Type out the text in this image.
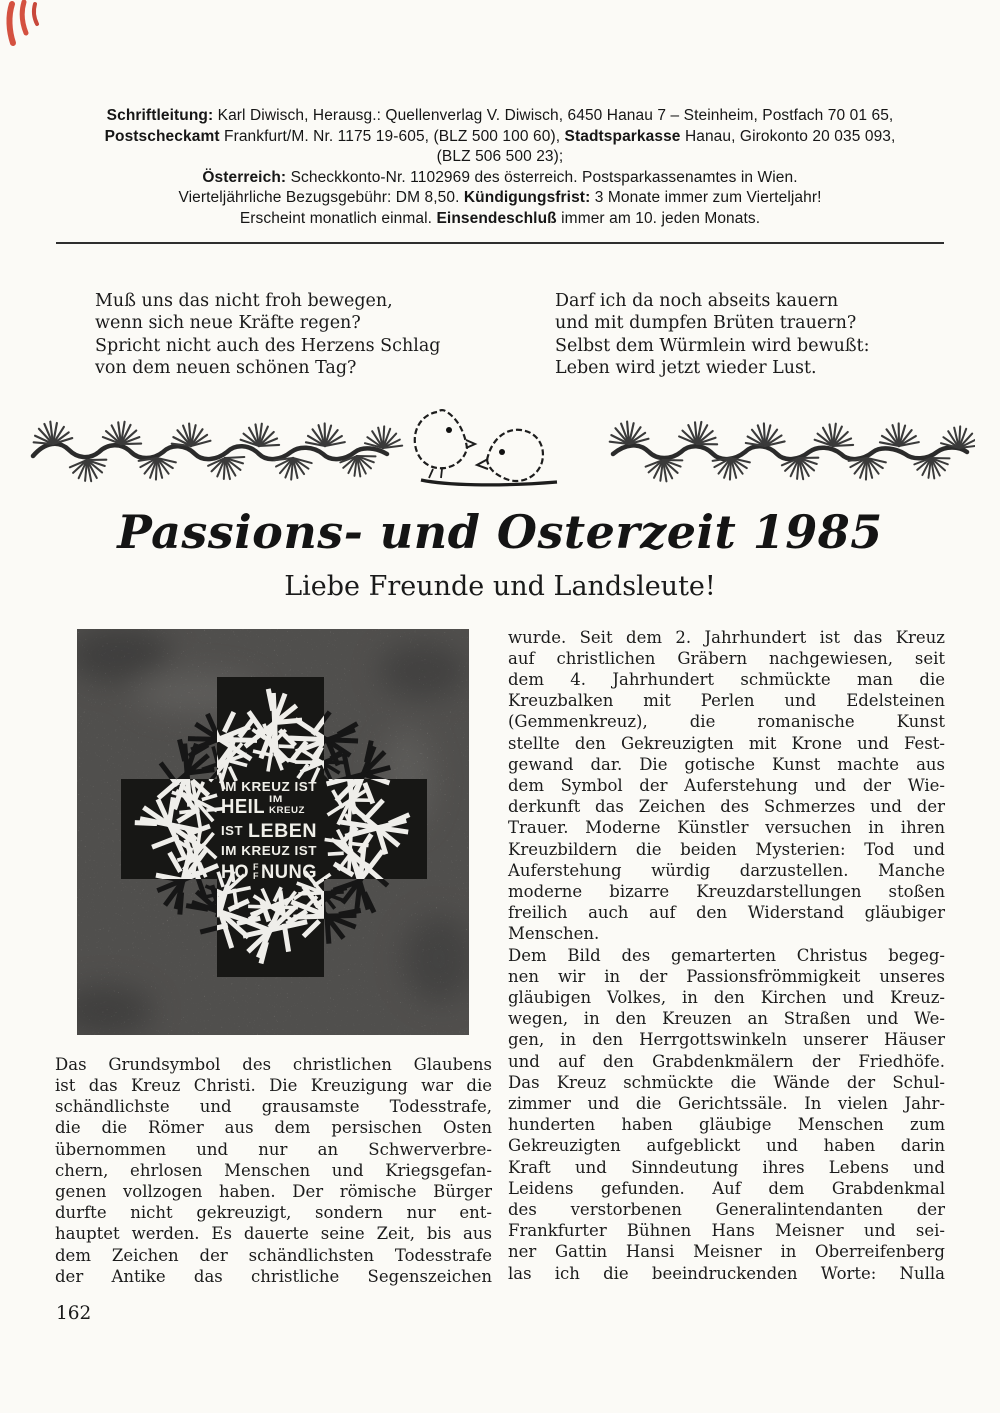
Schriftleitung: Karl Diwisch, Herausg.: Quellenverlag V. Diwisch, 6450 Hanau 7 – Steinheim, Postfach 70 01 65,
Postscheckamt Frankfurt/M. Nr. 1175 19-605, (BLZ 500 100 60), Stadtsparkasse Hanau, Girokonto 20 035 093,
(BLZ 506 500 23);
Österreich: Scheckkonto-Nr. 1102969 des österreich. Postsparkassenamtes in Wien.
Vierteljährliche Bezugsgebühr: DM 8,50. Kündigungsfrist: 3 Monate immer zum Vierteljahr!
Erscheint monatlich einmal. Einsendeschluß immer am 10. jeden Monats.
Muß uns das nicht froh bewegen,
wenn sich neue Kräfte regen?
Spricht nicht auch des Herzens Schlag
von dem neuen schönen Tag?
Darf ich da noch abseits kauern
und mit dumpfen Brüten trauern?
Selbst dem Würmlein wird bewußt:
Leben wird jetzt wieder Lust.
Passions- und Osterzeit 1985
Liebe Freunde und Landsleute!
IM KREUZ IST
HEIL IM
KREUZ
IST LEBEN
IM KREUZ IST
HO F
F NUNG
Das Grundsymbol des christlichen Glaubens
ist das Kreuz Christi. Die Kreuzigung war die
schändlichste und grausamste Todesstrafe,
die die Römer aus dem persischen Osten
übernommen und nur an Schwerverbre-
chern, ehrlosen Menschen und Kriegsgefan-
genen vollzogen haben. Der römische Bürger
durfte nicht gekreuzigt, sondern nur ent-
hauptet werden. Es dauerte seine Zeit, bis aus
dem Zeichen der schändlichsten Todesstrafe
der Antike das christliche Segenszeichen
wurde. Seit dem 2. Jahrhundert ist das Kreuz
auf christlichen Gräbern nachgewiesen, seit
dem 4. Jahrhundert schmückte man die
Kreuzbalken mit Perlen und Edelsteinen
(Gemmenkreuz), die romanische Kunst
stellte den Gekreuzigten mit Krone und Fest-
gewand dar. Die gotische Kunst machte aus
dem Symbol der Auferstehung und der Wie-
derkunft das Zeichen des Schmerzes und der
Trauer. Moderne Künstler versuchen in ihren
Kreuzbildern die beiden Mysterien: Tod und
Auferstehung würdig darzustellen. Manche
moderne bizarre Kreuzdarstellungen stoßen
freilich auch auf den Widerstand gläubiger
Menschen.
Dem Bild des gemarterten Christus begeg-
nen wir in der Passionsfrömmigkeit unseres
gläubigen Volkes, in den Kirchen und Kreuz-
wegen, in den Kreuzen an Straßen und We-
gen, in den Herrgottswinkeln unserer Häuser
und auf den Grabdenkmälern der Friedhöfe.
Das Kreuz schmückte die Wände der Schul-
zimmer und die Gerichtssäle. In vielen Jahr-
hunderten haben gläubige Menschen zum
Gekreuzigten aufgeblickt und haben darin
Kraft und Sinndeutung ihres Lebens und
Leidens gefunden. Auf dem Grabdenkmal
des verstorbenen Generalintendanten der
Frankfurter Bühnen Hans Meisner und sei-
ner Gattin Hansi Meisner in Oberreifenberg
las ich die beeindruckenden Worte: Nulla
162
